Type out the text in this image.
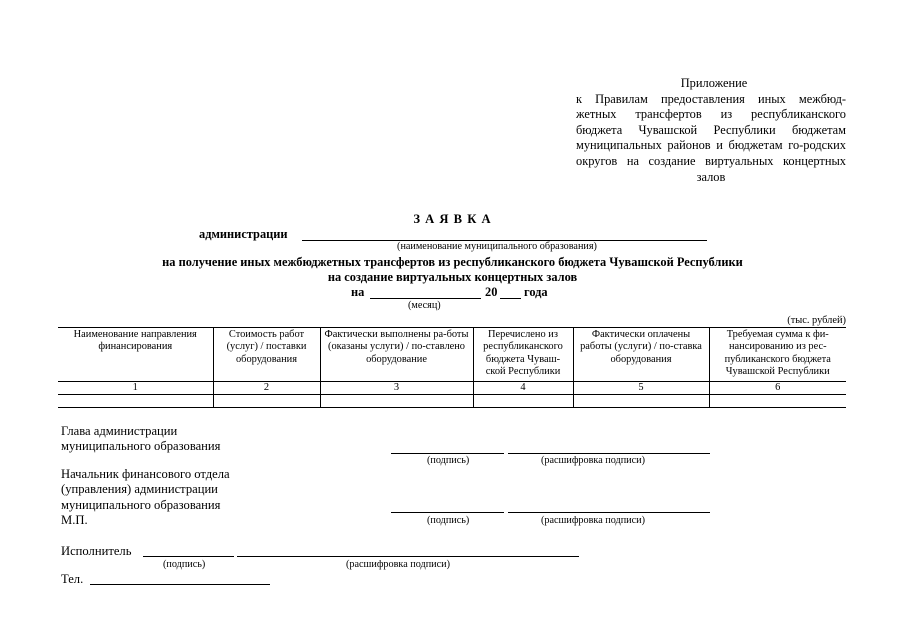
Приложение
к Правилам предоставления иных межбюд-жетных трансфертов из республиканского бюджета Чувашской Республики бюджетам муниципальных районов и бюджетам го-родских округов на создание виртуальных концертных залов
З А Я В К А
администрации
(наименование муниципального образования)
на получение иных межбюджетных трансфертов из республиканского бюджета Чувашской Республики
на создание виртуальных концертных залов
на	20 года
(месяц)
(тыс. рублей)
Наименование направления финансирования	Стоимость работ (услуг) / поставки оборудования	Фактически выполнены ра-боты (оказаны услуги) / по-ставлено оборудование	Перечислено из республиканского бюджета Чуваш-ской Республики	Фактически оплачены работы (услуги) / по-ставка оборудования	Требуемая сумма к фи-нансированию из рес-публиканского бюджета Чувашской Республики
1	2	3	4	5	6

Глава администрации
муниципального образования
(подпись)	(расшифровка подписи)
Начальник финансового отдела
(управления) администрации
муниципального образования
М.П.	(подпись)	(расшифровка подписи)
Исполнитель
(подпись)	(расшифровка подписи)
Тел.
